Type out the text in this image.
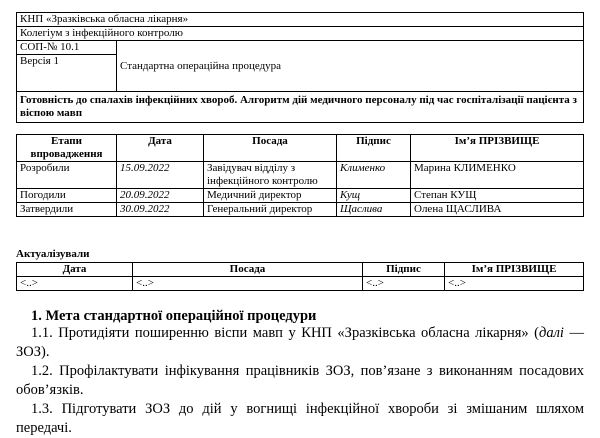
КНП «Зразківська обласна лікарня»
Колегіум з інфекційного контролю
СОП-№ 10.1	Стандартна операційна процедура
Версія 1
Готовність до спалахів інфекційних хвороб. Алгоритм дій медичного персоналу під час госпіталізації пацієнта з віспою мавп
Етапи впровадження	Дата	Посада	Підпис	Ім’я ПРІЗВИЩЕ
Розробили	15.09.2022	Завідувач відділу з інфекційного контролю	Клименко	Марина КЛИМЕНКО
Погодили	20.09.2022	Медичний директор	Кущ	Степан КУЩ
Затвердили	30.09.2022	Генеральний директор	Щаслива	Олена ЩАСЛИВА
Актуалізували
Дата	Посада	Підпис	Ім’я ПРІЗВИЩЕ
<..>	<..>	<..>	<..>
1. Мета стандартної операційної процедури
1.1. Протидіяти поширенню віспи мавп у КНП «Зразківська обласна лікарня» (далі — ЗОЗ).
1.2. Профілактувати інфікування працівників ЗОЗ, пов’язане з виконанням посадових обов’язків.
1.3. Підготувати ЗОЗ до дій у вогнищі інфекційної хвороби зі змішаним шляхом передачі.
